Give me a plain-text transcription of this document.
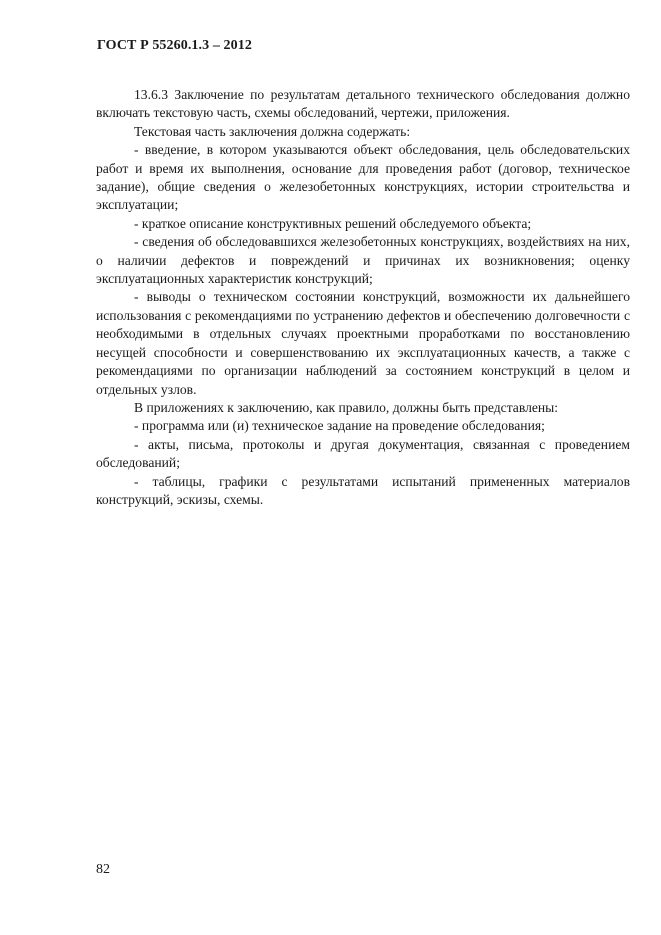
ГОСТ Р 55260.1.3 – 2012

13.6.3 Заключение по результатам детального технического обследования должно включать текстовую часть, схемы обследований, чертежи, приложения.

Текстовая часть заключения должна содержать:

- введение, в котором указываются объект обследования, цель обследовательских работ и время их выполнения, основание для проведения работ (договор, техническое задание), общие сведения о железобетонных конструкциях, истории строительства и эксплуатации;

- краткое описание конструктивных решений обследуемого объекта;

- сведения об обследовавшихся железобетонных конструкциях, воздействиях на них, о наличии дефектов и повреждений и причинах их возникновения; оценку эксплуатационных характеристик конструкций;

- выводы о техническом состоянии конструкций, возможности их дальнейшего использования с рекомендациями по устранению дефектов и обеспечению долговечности с необходимыми в отдельных случаях проектными проработками по восстановлению несущей способности и совершенствованию их эксплуатационных качеств, а также с рекомендациями по организации наблюдений за состоянием конструкций в целом и отдельных узлов.

В приложениях к заключению, как правило, должны быть представлены:

- программа или (и) техническое задание на проведение обследования;

- акты, письма, протоколы и другая документация, связанная с проведением обследований;

- таблицы, графики с результатами испытаний примененных материалов конструкций, эскизы, схемы.

82
